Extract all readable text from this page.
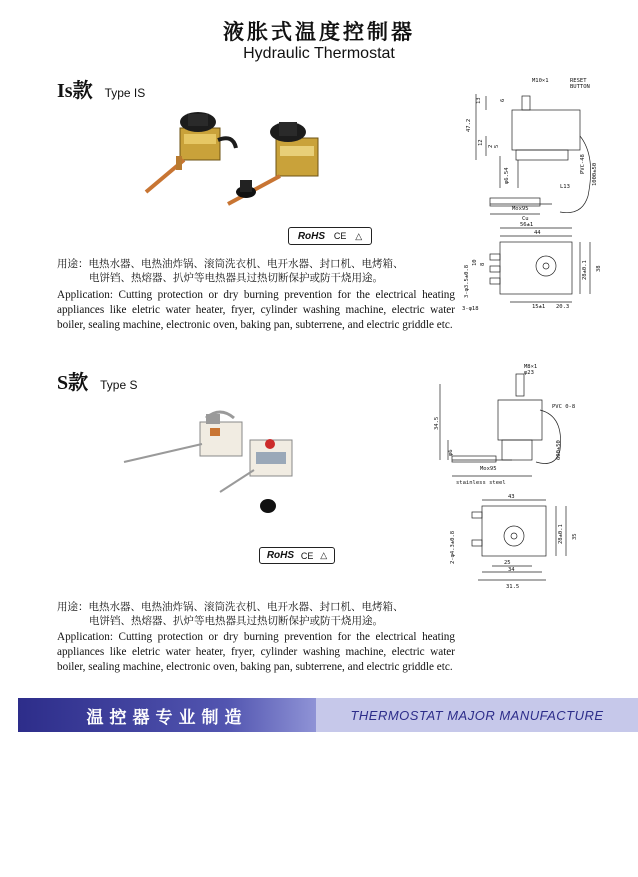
液胀式温度控制器
Hydraulic Thermostat
Is款 Type IS
RoHS CE △
用途：电热水器、电热油炸锅、滚筒洗衣机、电开水器、封口机、电烤箱、
电饼铛、热熔器、扒炉等电热器具过热切断保护或防干烧用途。
Application: Cutting protection or dry burning prevention for the electrical heating appliances like eletric water heater, fryer, cylinder washing machine, electric water boiler, sealing machine, electronic oven, baking pan, subterrene, and electric griddle etc.
M10×1	RESET
BUTTON
47.2
13	6
12
2 5
φ6.54
Mox95
PVC-48 1000±50
L13
Cu
56±1
44
3-φ3.5±0.8
10 8
38
28±0.1
3-φ18	15±1 20.3
S款 Type S
RoHS CE △
用途：电热水器、电热油炸锅、滚筒洗衣机、电开水器、封口机、电烤箱、
电饼铛、热熔器、扒炉等电热器具过热切断保护或防干烧用途。
Application: Cutting protection or dry burning prevention for the electrical heating appliances like eletric water heater, fryer, cylinder washing machine, electric water boiler, sealing machine, electronic oven, baking pan, subterrene, and electric griddle etc.
M8×1
φ23
34.5
φ6
Mox95
PVC 0-8
600±50
stainless steel
43
35
28±0.1
2-φ4.3±0.8	25
34
31.5
温控器专业制造	THERMOSTAT MAJOR MANUFACTURE
